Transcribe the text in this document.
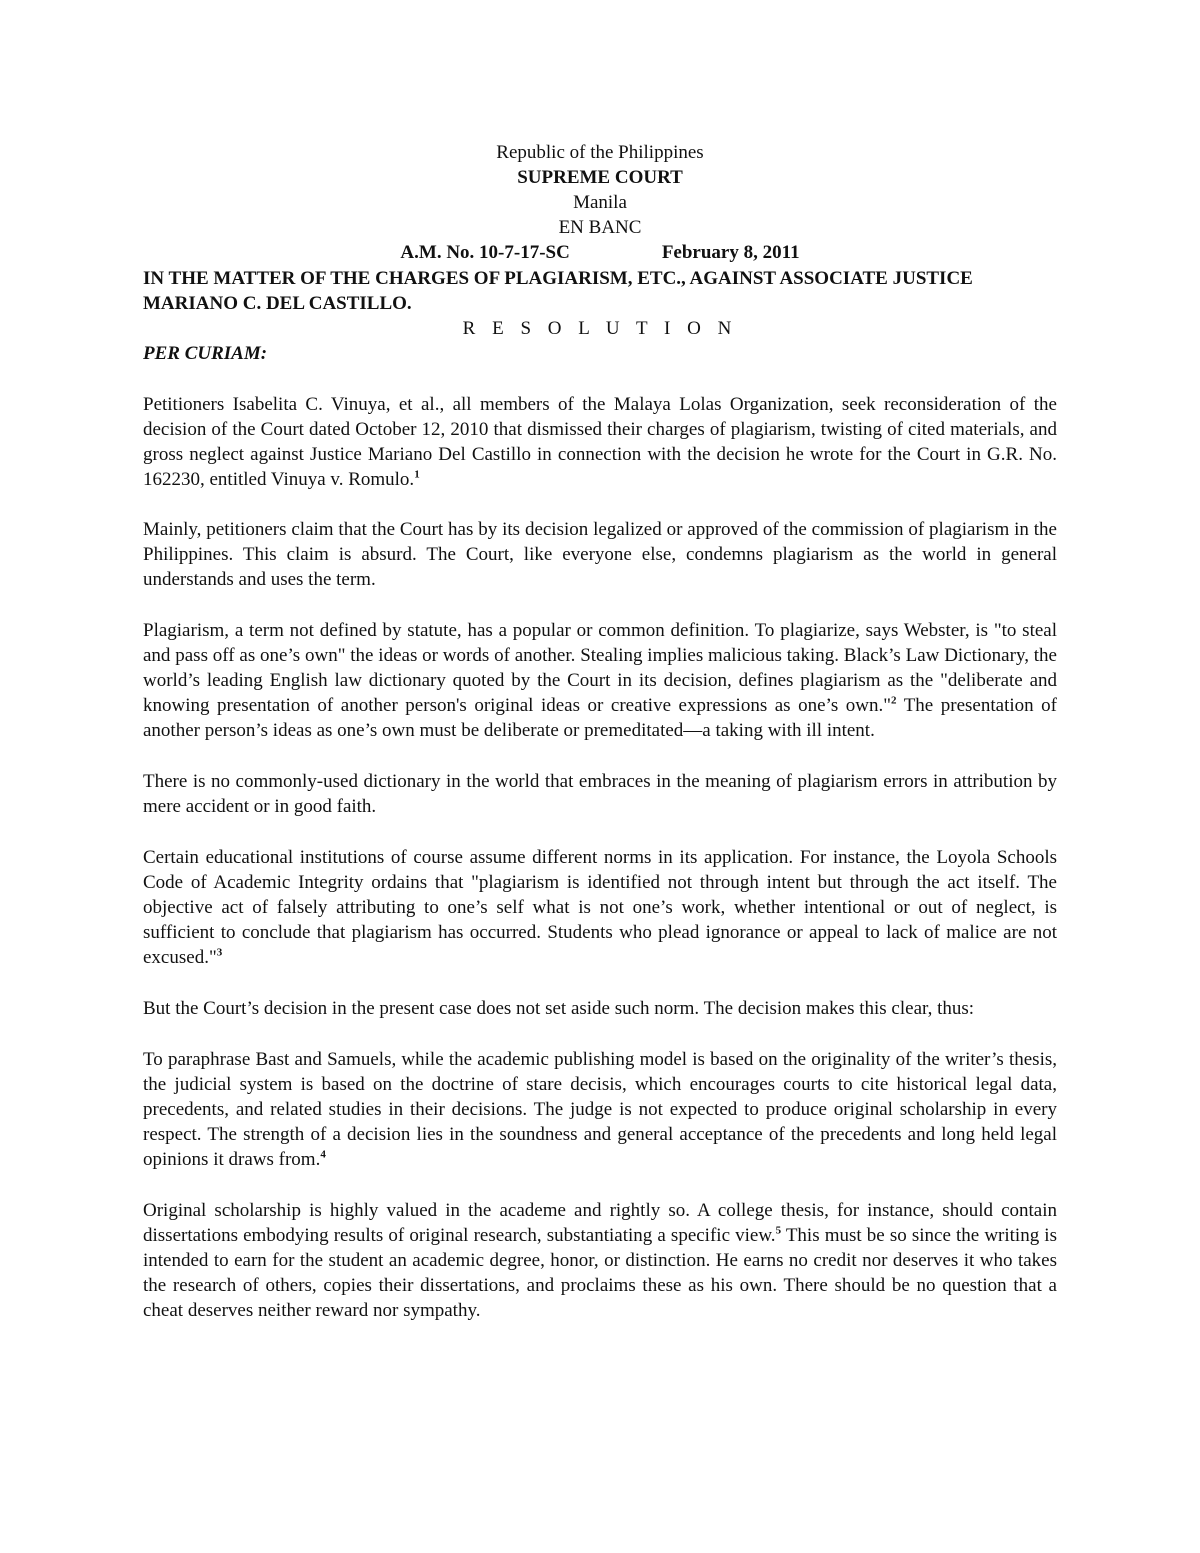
Republic of the Philippines
SUPREME COURT
Manila
EN BANC
A.M. No. 10-7-17-SC	February 8, 2011

IN THE MATTER OF THE CHARGES OF PLAGIARISM, ETC., AGAINST ASSOCIATE JUSTICE MARIANO C. DEL CASTILLO.

R E S O L U T I O N

PER CURIAM:

Petitioners Isabelita C. Vinuya, et al., all members of the Malaya Lolas Organization, seek reconsideration of the decision of the Court dated October 12, 2010 that dismissed their charges of plagiarism, twisting of cited materials, and gross neglect against Justice Mariano Del Castillo in connection with the decision he wrote for the Court in G.R. No. 162230, entitled Vinuya v. Romulo.$^1$

Mainly, petitioners claim that the Court has by its decision legalized or approved of the commission of plagiarism in the Philippines. This claim is absurd. The Court, like everyone else, condemns plagiarism as the world in general understands and uses the term.

Plagiarism, a term not defined by statute, has a popular or common definition. To plagiarize, says Webster, is "to steal and pass off as one’s own" the ideas or words of another. Stealing implies malicious taking. Black’s Law Dictionary, the world’s leading English law dictionary quoted by the Court in its decision, defines plagiarism as the "deliberate and knowing presentation of another person's original ideas or creative expressions as one’s own."$^2$ The presentation of another person’s ideas as one’s own must be deliberate or premeditated—a taking with ill intent.

There is no commonly-used dictionary in the world that embraces in the meaning of plagiarism errors in attribution by mere accident or in good faith.

Certain educational institutions of course assume different norms in its application. For instance, the Loyola Schools Code of Academic Integrity ordains that "plagiarism is identified not through intent but through the act itself. The objective act of falsely attributing to one’s self what is not one’s work, whether intentional or out of neglect, is sufficient to conclude that plagiarism has occurred. Students who plead ignorance or appeal to lack of malice are not excused."$^3$

But the Court’s decision in the present case does not set aside such norm. The decision makes this clear, thus:

To paraphrase Bast and Samuels, while the academic publishing model is based on the originality of the writer’s thesis, the judicial system is based on the doctrine of stare decisis, which encourages courts to cite historical legal data, precedents, and related studies in their decisions. The judge is not expected to produce original scholarship in every respect. The strength of a decision lies in the soundness and general acceptance of the precedents and long held legal opinions it draws from.$^4$

Original scholarship is highly valued in the academe and rightly so. A college thesis, for instance, should contain dissertations embodying results of original research, substantiating a specific view.$^5$ This must be so since the writing is intended to earn for the student an academic degree, honor, or distinction. He earns no credit nor deserves it who takes the research of others, copies their dissertations, and proclaims these as his own. There should be no question that a cheat deserves neither reward nor sympathy.
